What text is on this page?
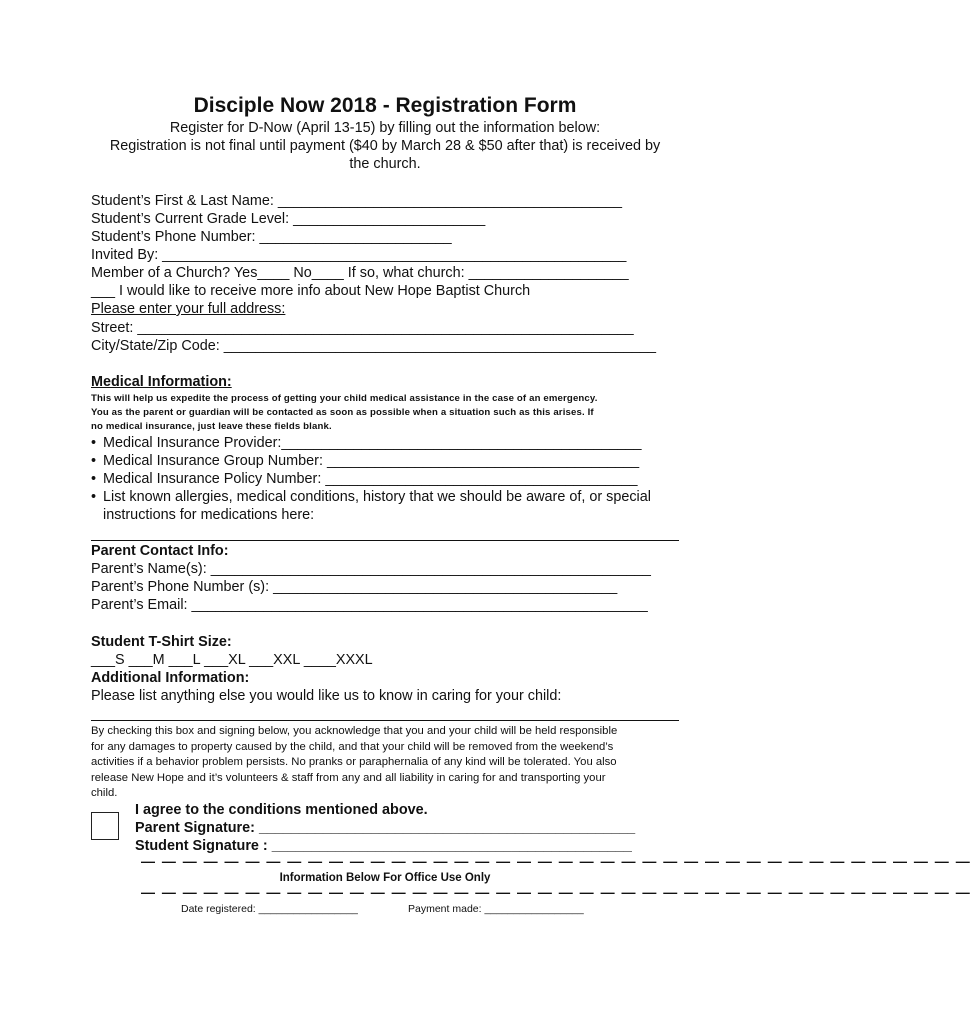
Disciple Now 2018 - Registration Form
Register for D-Now (April 13-15) by filling out the information below:
Registration is not final until payment ($40 by March 28 & $50 after that) is received by
the church.
Student’s First & Last Name: ___________________________________________
Student’s Current Grade Level: ________________________
Student’s Phone Number: ________________________
Invited By: __________________________________________________________
Member of a Church? Yes____ No____ If so, what church: ____________________
___ I would like to receive more info about New Hope Baptist Church
Please enter your full address:
Street: ______________________________________________________________
City/State/Zip Code: ______________________________________________________
Medical Information:
This will help us expedite the process of getting your child medical assistance in the case of an emergency.
You as the parent or guardian will be contacted as soon as possible when a situation such as this arises. If
no medical insurance, just leave these fields blank.
• Medical Insurance Provider:_____________________________________________
• Medical Insurance Group Number: _______________________________________
• Medical Insurance Policy Number: _______________________________________
• List known allergies, medical conditions, history that we should be aware of, or special
instructions for medications here:
Parent Contact Info:
Parent’s Name(s): _______________________________________________________
Parent’s Phone Number (s): ___________________________________________
Parent’s Email: _________________________________________________________
Student T-Shirt Size:
___S ___M ___L ___XL ___XXL ____XXXL
Additional Information:
Please list anything else you would like us to know in caring for your child:
By checking this box and signing below, you acknowledge that you and your child will be held responsible
for any damages to property caused by the child, and that your child will be removed from the weekend’s
activities if a behavior problem persists. No pranks or paraphernalia of any kind will be tolerated. You also
release New Hope and it’s volunteers & staff from any and all liability in caring for and transporting your
child.
I agree to the conditions mentioned above.
Parent Signature: _______________________________________________
Student Signature : _____________________________________________
— — — — — — — — — — — — — — — — — — — — — — — — — — — — — — — — — — — — — — — —
Information Below For Office Use Only
— — — — — — — — — — — — — — — — — — — — — — — — — — — — — — — — — — — — — — — —
Date registered: _________________	Payment made: _________________
